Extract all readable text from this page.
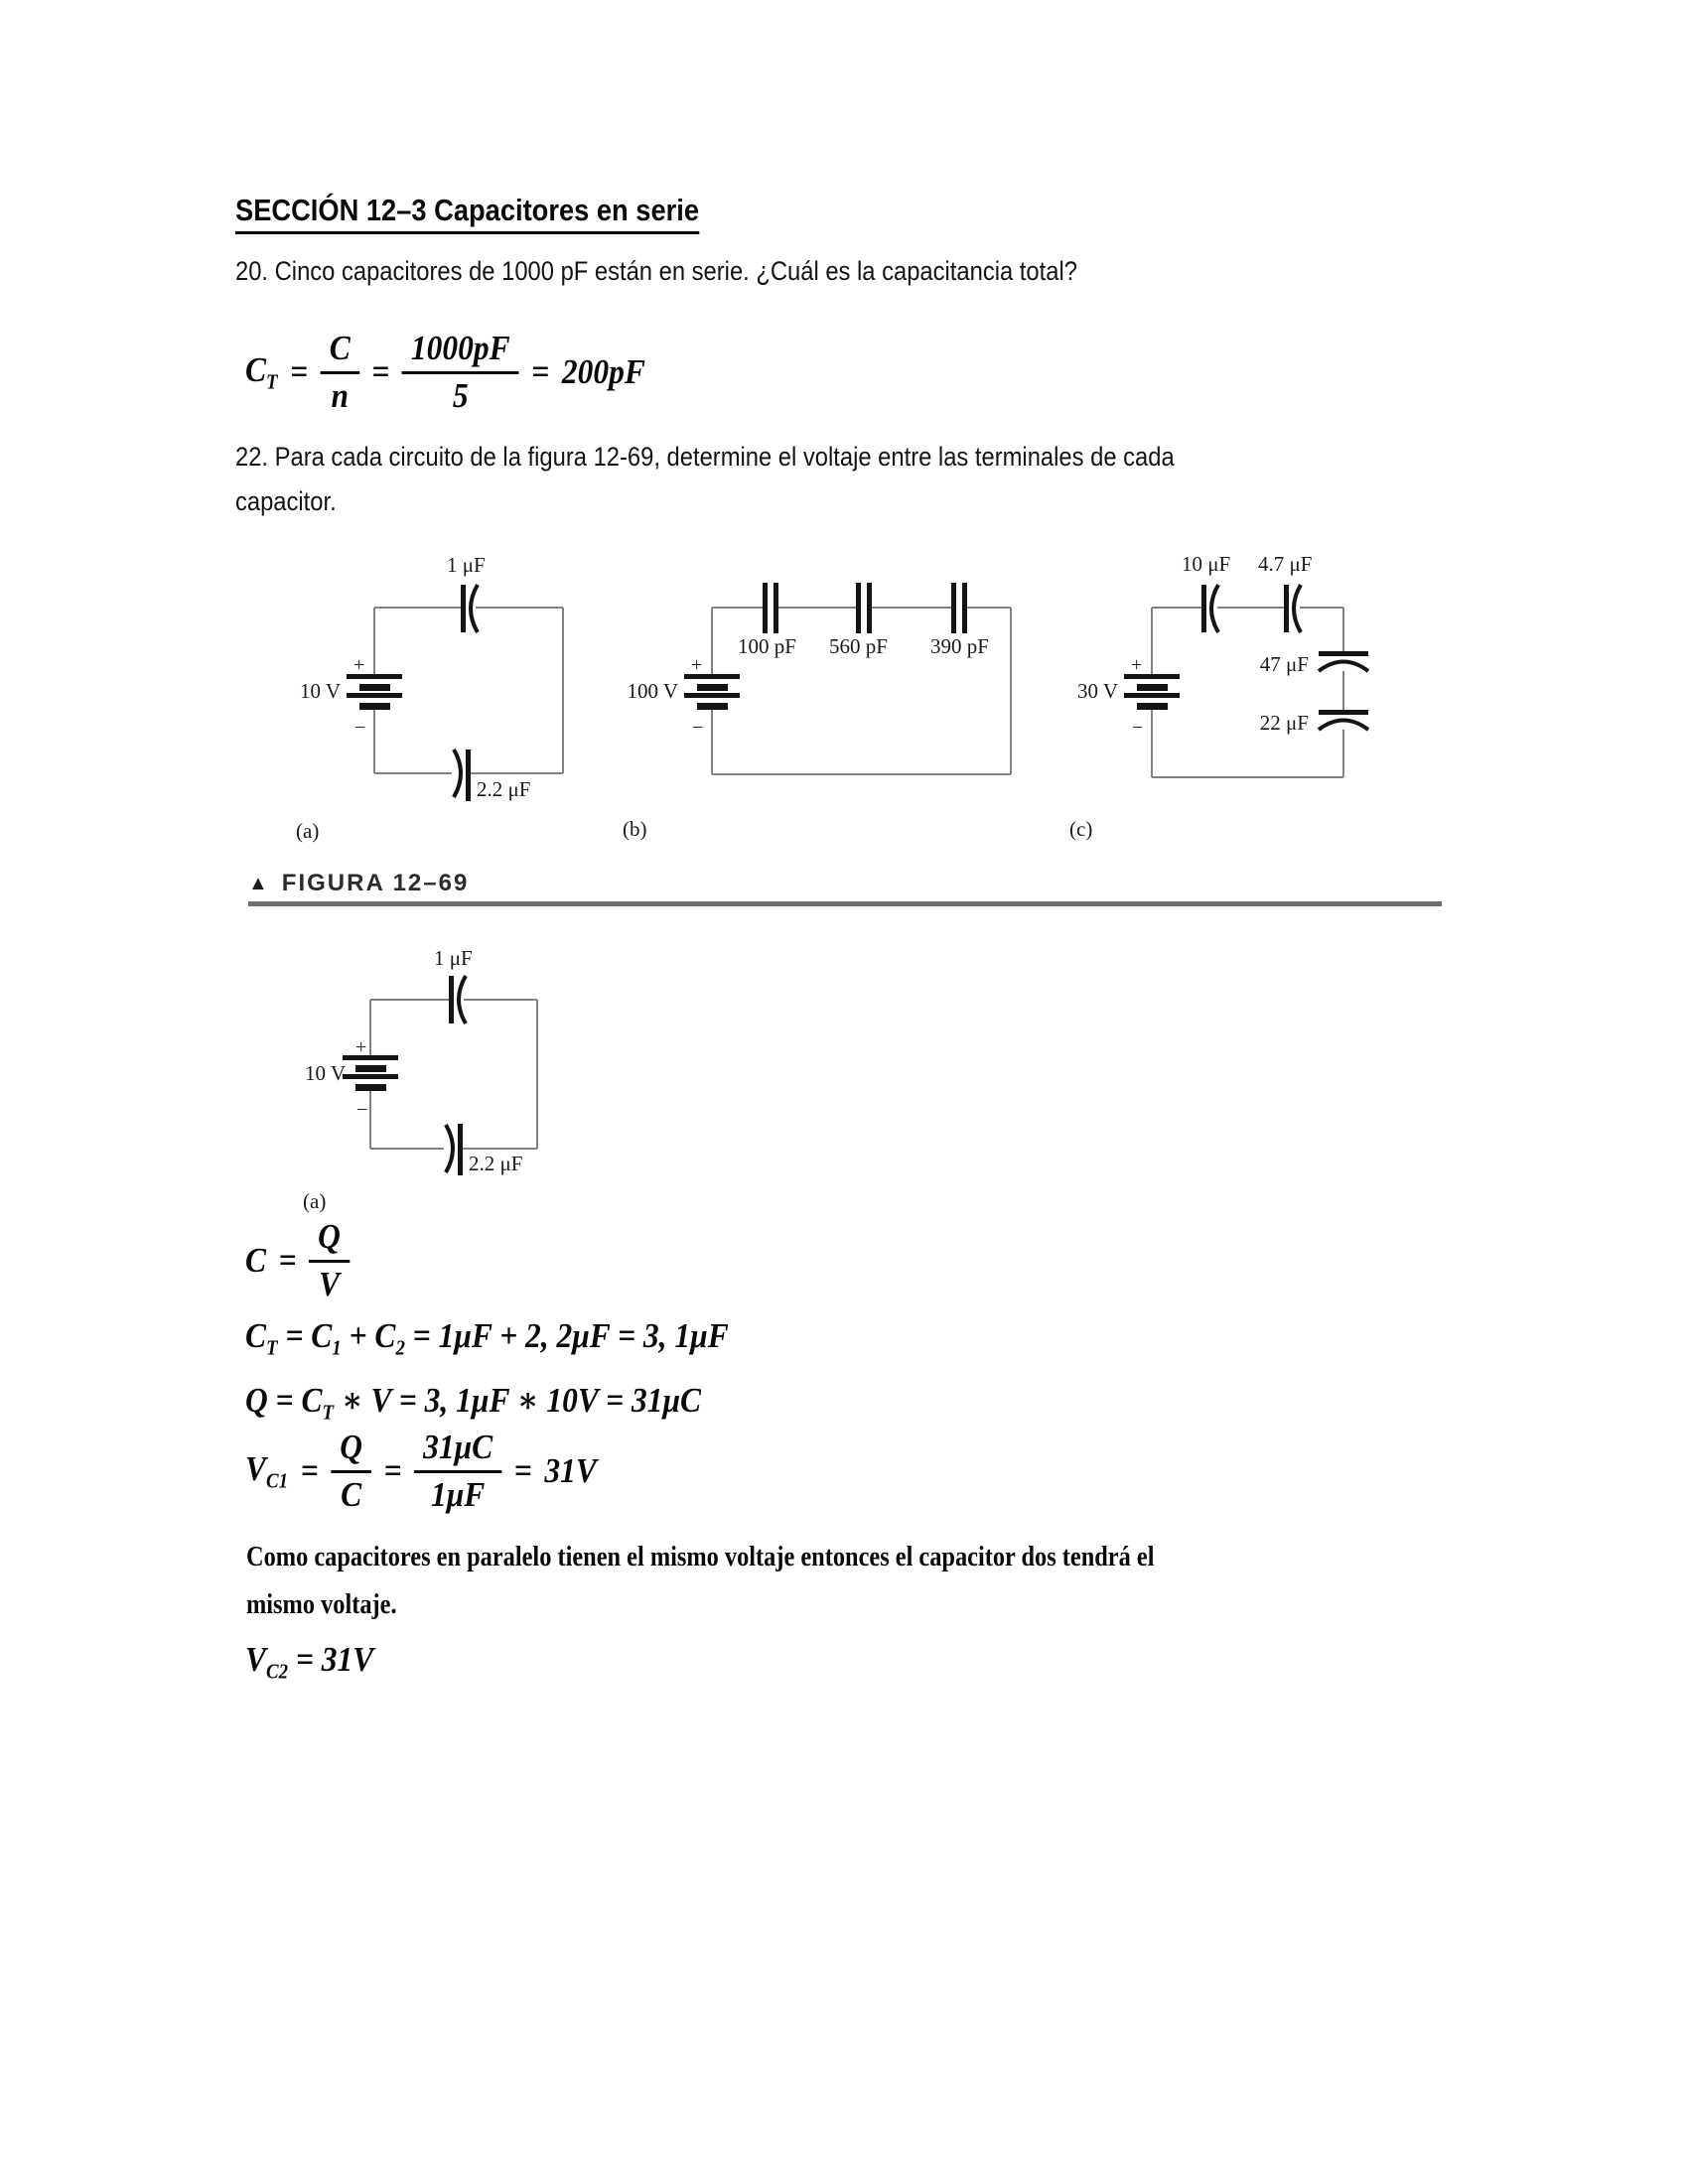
SECCIÓN 12–3 Capacitores en serie
20. Cinco capacitores de 1000 pF están en serie. ¿Cuál es la capacitancia total?
$C_T = \frac{C}{n} = \frac{1000pF}{5} = 200pF$
22. Para cada circuito de la figura 12-69, determine el voltaje entre las terminales de cada
capacitor.
+
−
10 V
1 μF
2.2 μF
(a)
+
−
100 V
100 pF 560 pF 390 pF
(b)
+
−
30 V
10 μF 4.7 μF
47 μF
22 μF
(c)
▲ FIGURA 12–69
+
−
10 V
1 μF
2.2 μF
(a)
$C = \frac{Q}{V}$
$C_T = C_1 + C_2 = 1\mu F + 2$, 2μF = 3, 1μF
$Q = C_T$ ∗ V = 3, 1μF ∗ 10V = 31μC
$V_{C1} = \frac{Q}{C} = \frac{31\mu C}{1\mu F} = 31V$
Como capacitores en paralelo tienen el mismo voltaje entonces el capacitor dos tendrá el
mismo voltaje.
$V_{C2} = 31V$
